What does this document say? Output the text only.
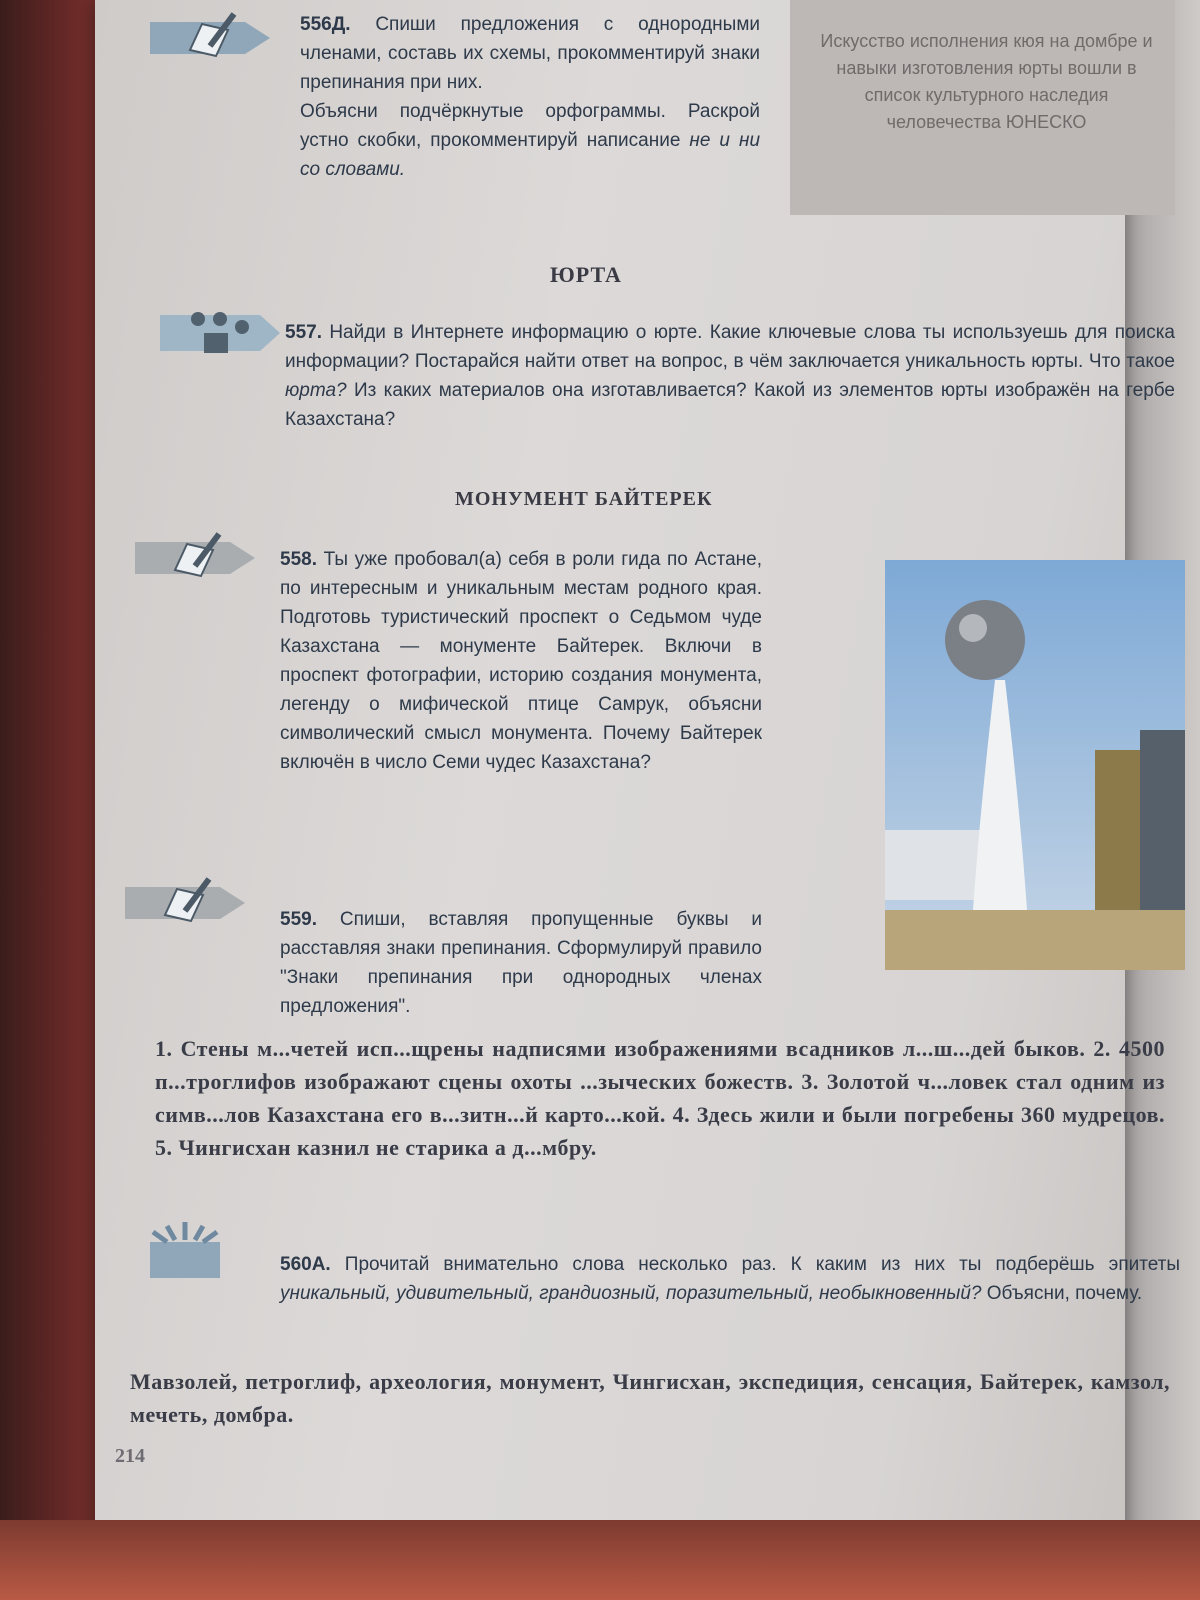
Искусство исполнения кюя на домбре и навыки изготовления юрты вошли в список культурного наследия человечества ЮНЕСКО

556Д. Спиши предложения с однородными членами, составь их схемы, прокомментируй знаки препинания при них.
Объясни подчёркнутые орфограммы. Раскрой устно скобки, прокомментируй написание не и ни со словами.
ЮРТА
557. Найди в Интернете информацию о юрте. Какие ключевые слова ты используешь для поиска информации? Постарайся найти ответ на вопрос, в чём заключается уникальность юрты. Что такое юрта? Из каких материалов она изготавливается? Какой из элементов юрты изображён на гербе Казахстана?
МОНУМЕНТ БАЙТЕРЕК
558. Ты уже пробовал(а) себя в роли гида по Астане, по интересным и уникальным местам родного края. Подготовь туристический проспект о Седьмом чуде Казахстана — монументе Байтерек. Включи в проспект фотографии, историю создания монумента, легенду о мифической птице Самрук, объясни символический смысл монумента. Почему Байтерек включён в число Семи чудес Казахстана?
559. Спиши, вставляя пропущенные буквы и расставляя знаки препинания. Сформулируй правило "Знаки препинания при однородных членах предложения".
1. Стены м...четей исп...щрены надписями изображениями всадников л...ш...дей быков. 2. 4500 п...троглифов изображают сцены охоты ...зыческих божеств. 3. Золотой ч...ловек стал одним из симв...лов Казахстана его в...зитн...й карто...кой. 4. Здесь жили и были погребены 360 мудрецов. 5. Чингисхан казнил не старика а д...мбру.
560А. Прочитай внимательно слова несколько раз. К каким из них ты подберёшь эпитеты уникальный, удивительный, грандиозный, поразительный, необыкновенный? Объясни, почему.
Мавзолей, петроглиф, археология, монумент, Чингисхан, экспедиция, сенсация, Байтерек, камзол, мечеть, домбра.
214
